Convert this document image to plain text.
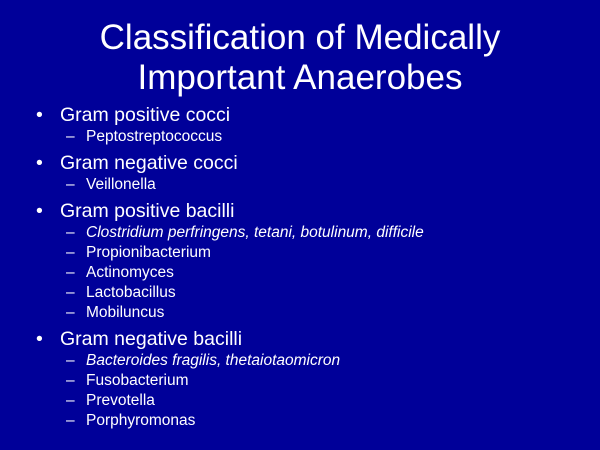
Classification of Medically
Important Anaerobes
• Gram positive cocci
– Peptostreptococcus
• Gram negative cocci
– Veillonella
• Gram positive bacilli
– Clostridium perfringens, tetani, botulinum, difficile
– Propionibacterium
– Actinomyces
– Lactobacillus
– Mobiluncus
• Gram negative bacilli
– Bacteroides fragilis, thetaiotaomicron
– Fusobacterium
– Prevotella
– Porphyromonas
